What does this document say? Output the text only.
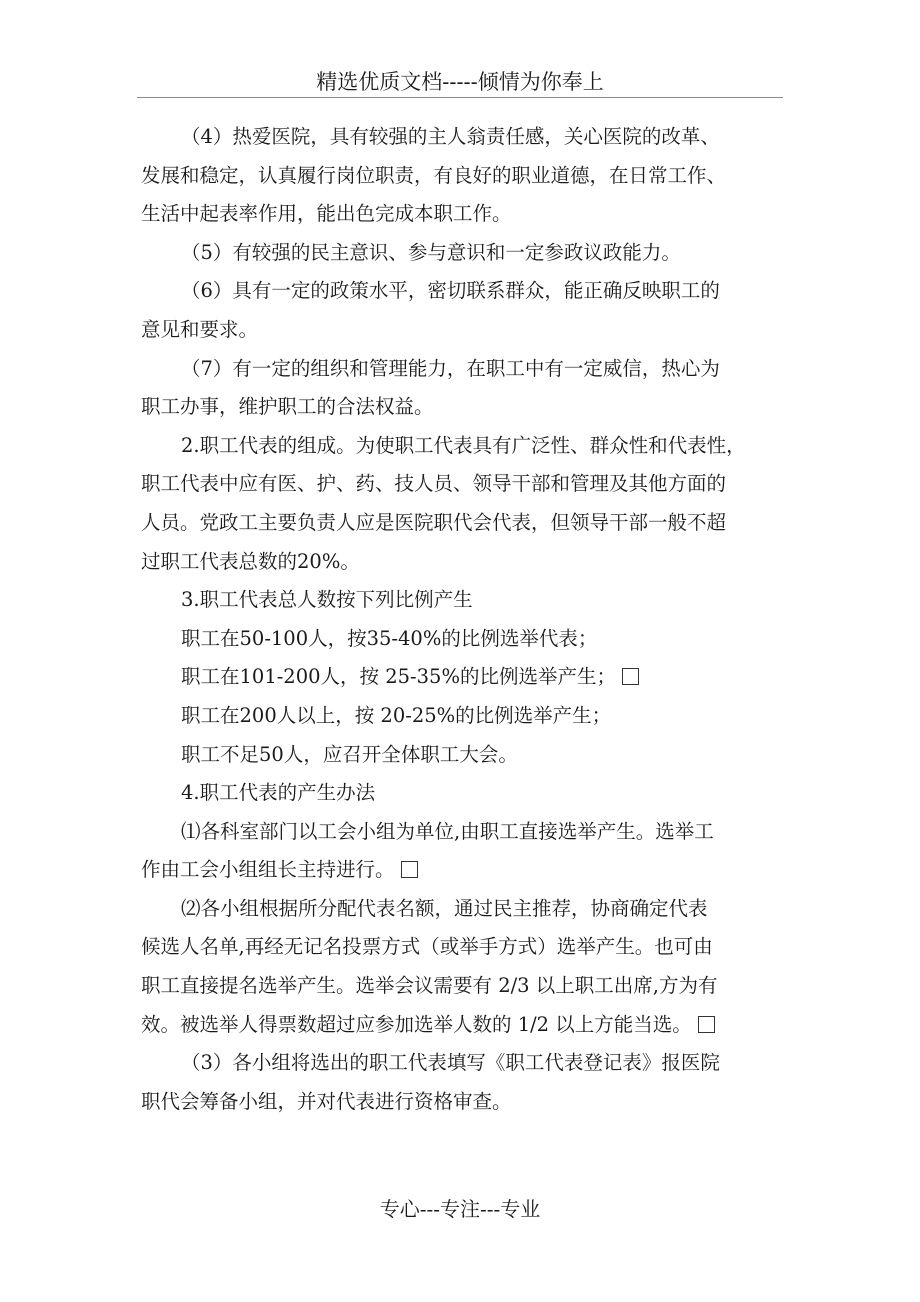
精选优质文档-----倾情为你奉上

（4）热爱医院，具有较强的主人翁责任感，关心医院的改革、
发展和稳定，认真履行岗位职责，有良好的职业道德，在日常工作、
生活中起表率作用，能出色完成本职工作。

（5）有较强的民主意识、参与意识和一定参政议政能力。

（6）具有一定的政策水平，密切联系群众，能正确反映职工的
意见和要求。

（7）有一定的组织和管理能力，在职工中有一定威信，热心为
职工办事，维护职工的合法权益。

2.职工代表的组成。为使职工代表具有广泛性、群众性和代表性，
职工代表中应有医、护、药、技人员、领导干部和管理及其他方面的
人员。党政工主要负责人应是医院职代会代表，但领导干部一般不超
过职工代表总数的20%。

3.职工代表总人数按下列比例产生

职工在50-100人，按35-40%的比例选举代表；

职工在101-200人，按 25-35%的比例选举产生；

职工在200人以上，按 20-25%的比例选举产生；

职工不足50人，应召开全体职工大会。

4.职工代表的产生办法

⑴各科室部门以工会小组为单位,由职工直接选举产生。选举工
作由工会小组组长主持进行。

⑵各小组根据所分配代表名额，通过民主推荐，协商确定代表
候选人名单,再经无记名投票方式（或举手方式）选举产生。也可由
职工直接提名选举产生。选举会议需要有 2/3 以上职工出席,方为有
效。被选举人得票数超过应参加选举人数的 1/2 以上方能当选。

（3）各小组将选出的职工代表填写《职工代表登记表》报医院
职代会筹备小组，并对代表进行资格审查。

专心---专注---专业
